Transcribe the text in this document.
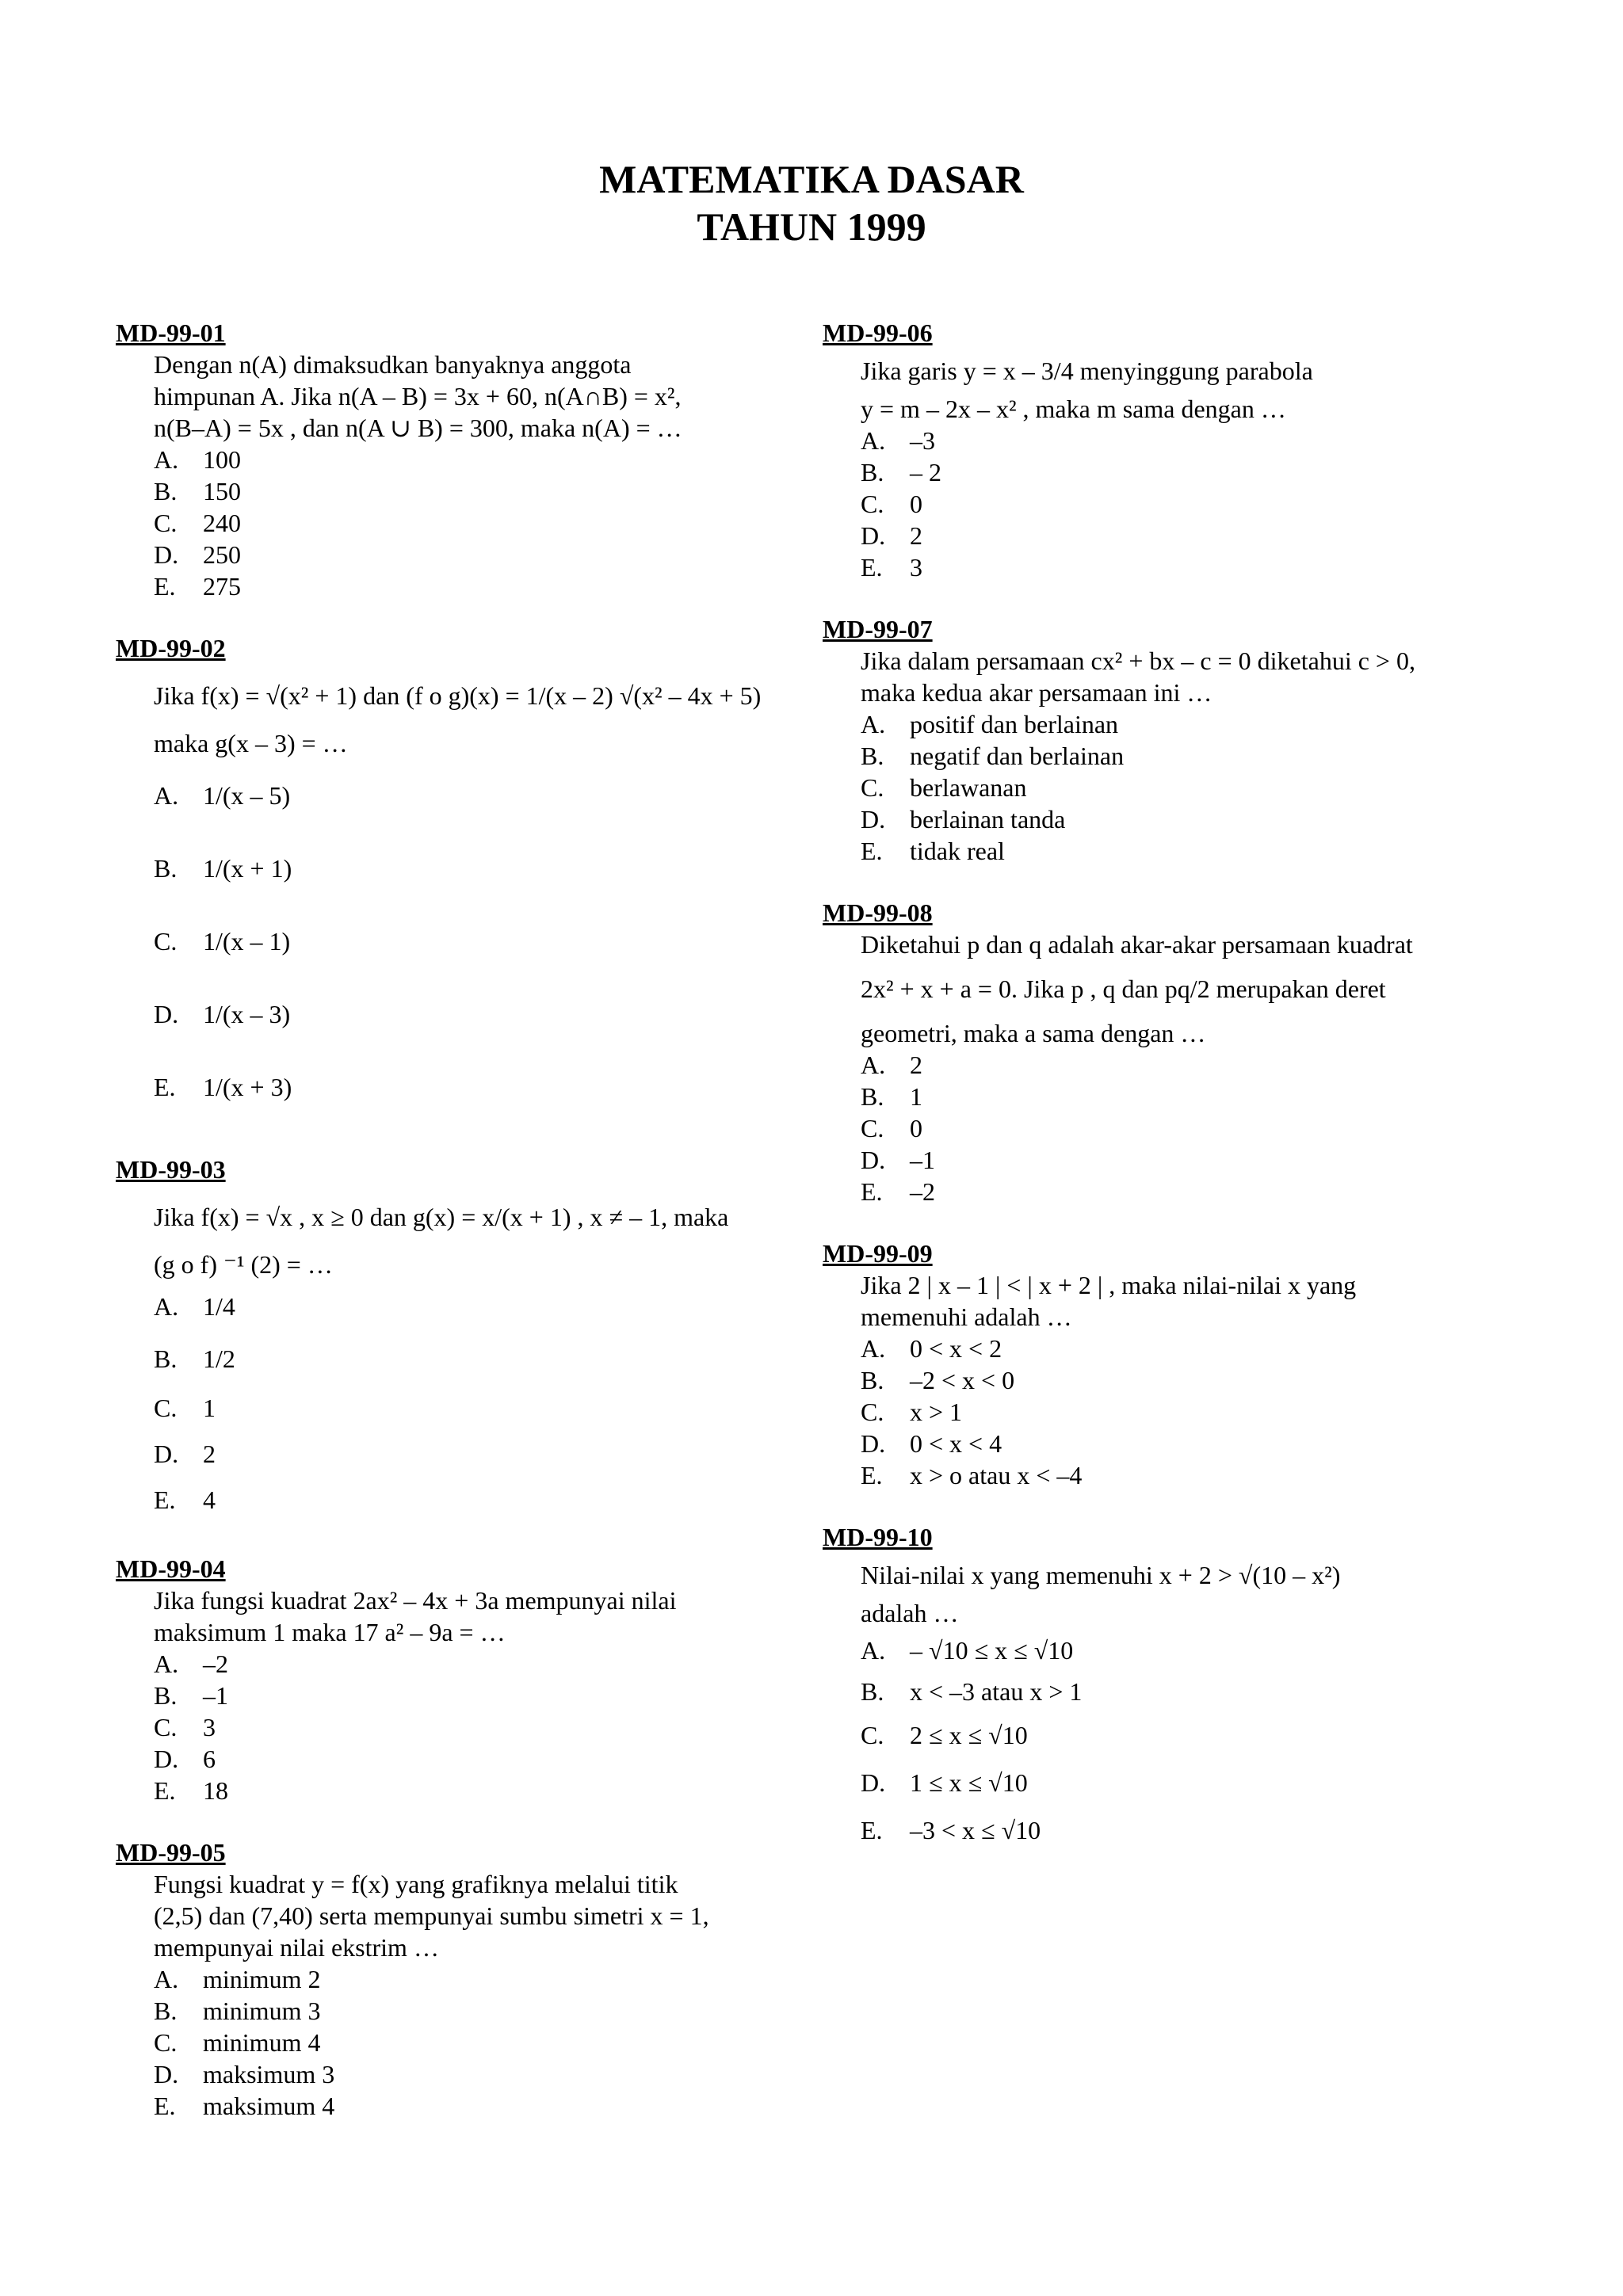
MATEMATIKA DASAR
TAHUN 1999
MD-99-01
Dengan n(A) dimaksudkan banyaknya anggota
himpunan A. Jika n(A – B) = 3x + 60, n(A∩B) = x²,
n(B–A) = 5x , dan n(A ∪ B) = 300, maka n(A) = …
A. 100
B.	150
C.	240
D. 250
E.	275
MD-99-02
Jika f(x) = √(x² + 1) dan (f o g)(x) = 1/(x – 2) √(x² – 4x + 5)
maka g(x – 3) = …
A. 1/(x – 5)
B.	1/(x + 1)
C.	1/(x – 1)
D. 1/(x – 3)
E.	1/(x + 3)
MD-99-03
Jika f(x) = √x , x ≥ 0 dan g(x) = x/(x + 1) , x ≠ – 1, maka
(g o f) ⁻¹ (2) = …
A. 1/4
B.	1/2
C.	1
D. 2
E.	4
MD-99-04
Jika fungsi kuadrat 2ax² – 4x + 3a mempunyai nilai
maksimum 1 maka 17 a² – 9a = …
A. –2
B.	–1
C.	3
D. 6
E.	18
MD-99-05
Fungsi kuadrat y = f(x) yang grafiknya melalui titik
(2,5) dan (7,40) serta mempunyai sumbu simetri x = 1,
mempunyai nilai ekstrim …
A. minimum 2
B.	minimum 3
C.	minimum 4
D. maksimum 3
E.	maksimum 4
MD-99-06
Jika garis y = x – 3/4 menyinggung parabola
y = m – 2x – x² , maka m sama dengan …
A. –3
B.	– 2
C.	0
D. 2
E.	3
MD-99-07
Jika dalam persamaan cx² + bx – c = 0 diketahui c > 0,
maka kedua akar persamaan ini …
A. positif dan berlainan
B.	negatif dan berlainan
C.	berlawanan
D. berlainan tanda
E.	tidak real
MD-99-08
Diketahui p dan q adalah akar-akar persamaan kuadrat
2x² + x + a = 0. Jika p , q dan pq/2 merupakan deret
geometri, maka a sama dengan …
A. 2
B.	1
C.	0
D. –1
E.	–2
MD-99-09
Jika 2 | x – 1 | < | x + 2 | , maka nilai-nilai x yang
memenuhi adalah …
A. 0 < x < 2
B.	–2 < x < 0
C.	x > 1
D. 0 < x < 4
E.	x > o atau x < –4
MD-99-10
Nilai-nilai x yang memenuhi x + 2 > √(10 – x²)
adalah …
A. – √10 ≤ x ≤ √10
B.	x < –3 atau x > 1
C.	2 ≤ x ≤ √10
D. 1 ≤ x ≤ √10
E.	–3 < x ≤ √10
